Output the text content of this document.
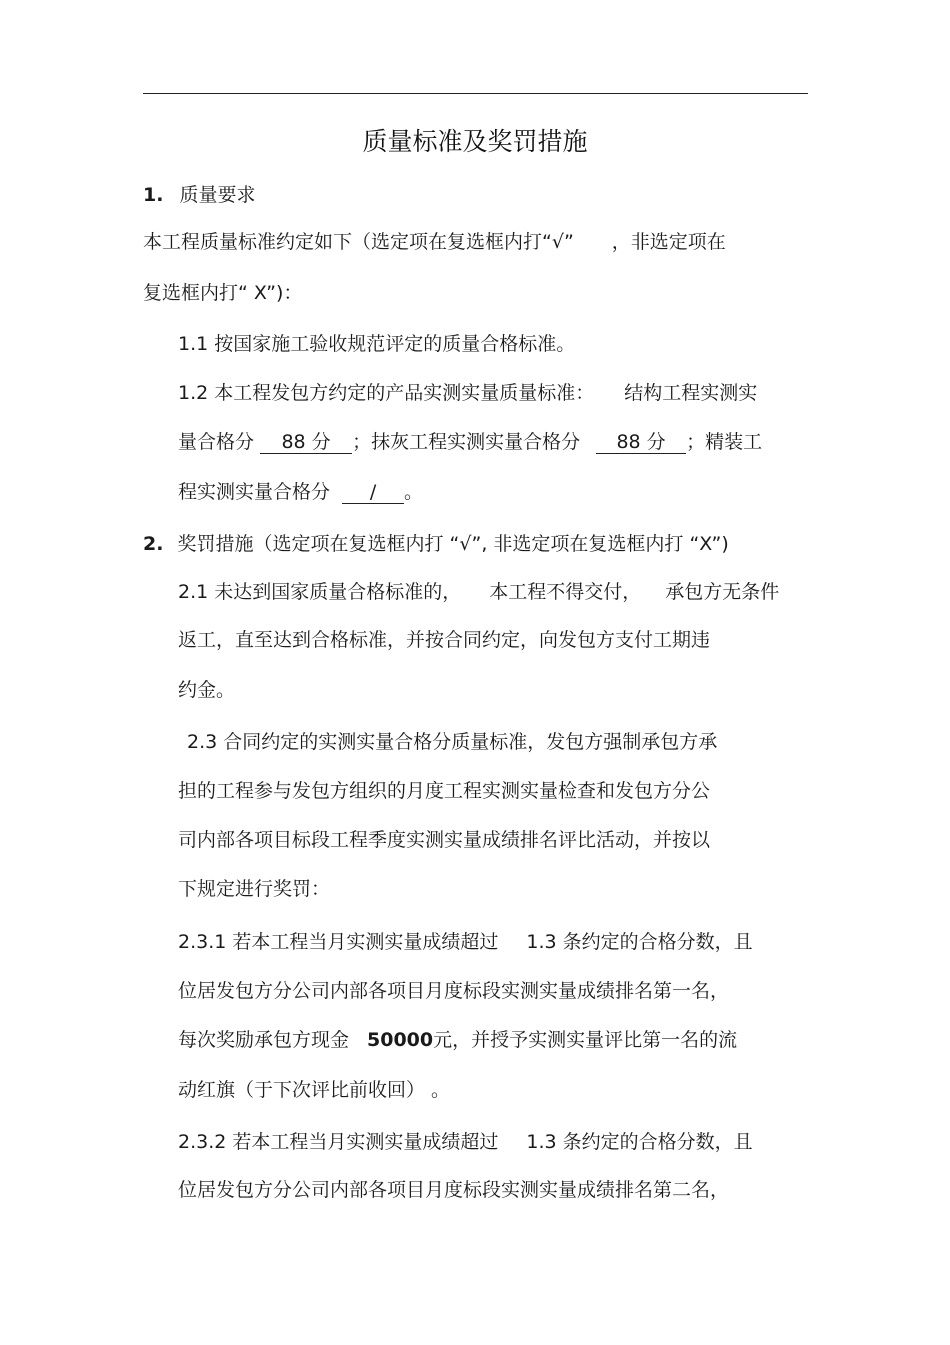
质量标准及奖罚措施
1. 质量要求
本工程质量标准约定如下（选定项在复选框内打“√” ，非选定项在
复选框内打“ X”)：
1.1 按国家施工验收规范评定的质量合格标准。
1.2 本工程发包方约定的产品实测实量质量标准： 结构工程实测实
量合格分 88 分 ；抹灰工程实测实量合格分 88 分 ；精装工
程实测实量合格分 / 。
2. 奖罚措施（选定项在复选框内打 “√”, 非选定项在复选框内打 “X”)
2.1 未达到国家质量合格标准的， 本工程不得交付， 承包方无条件
返工，直至达到合格标准，并按合同约定，向发包方支付工期违
约金。
2.3 合同约定的实测实量合格分质量标准，发包方强制承包方承
担的工程参与发包方组织的月度工程实测实量检查和发包方分公
司内部各项目标段工程季度实测实量成绩排名评比活动，并按以
下规定进行奖罚：
2.3.1 若本工程当月实测实量成绩超过 1.3 条约定的合格分数，且
位居发包方分公司内部各项目月度标段实测实量成绩排名第一名，
每次奖励承包方现金 50000元，并授予实测实量评比第一名的流
动红旗（于下次评比前收回） 。
2.3.2 若本工程当月实测实量成绩超过 1.3 条约定的合格分数，且
位居发包方分公司内部各项目月度标段实测实量成绩排名第二名，
